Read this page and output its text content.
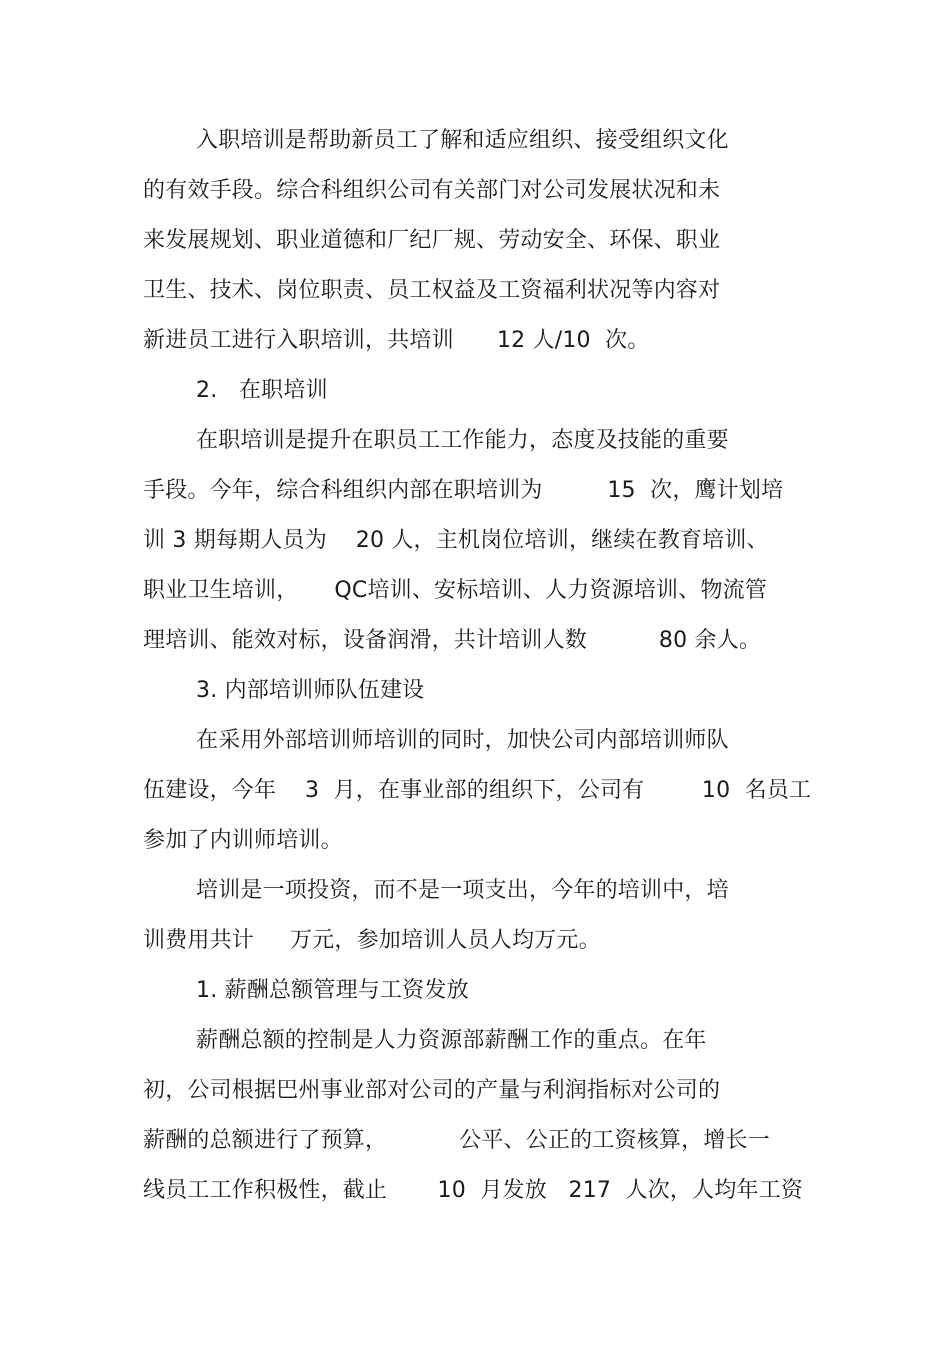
入职培训是帮助新员工了解和适应组织、接受组织文化
的有效手段。综合科组织公司有关部门对公司发展状况和未
来发展规划、职业道德和厂纪厂规、劳动安全、环保、职业
卫生、技术、岗位职责、员工权益及工资福利状况等内容对
新进员工进行入职培训，共培训      12 人/10  次。
2.   在职培训
在职培训是提升在职员工工作能力，态度及技能的重要
手段。今年，综合科组织内部在职培训为         15  次，鹰计划培
训 3 期每期人员为    20 人，主机岗位培训，继续在教育培训、
职业卫生培训，     QC培训、安标培训、人力资源培训、物流管
理培训、能效对标，设备润滑，共计培训人数          80 余人。
3. 内部培训师队伍建设
在采用外部培训师培训的同时，加快公司内部培训师队
伍建设，今年    3  月，在事业部的组织下，公司有        10  名员工
参加了内训师培训。
培训是一项投资，而不是一项支出，今年的培训中，培
训费用共计     万元，参加培训人员人均万元。
1. 薪酬总额管理与工资发放
薪酬总额的控制是人力资源部薪酬工作的重点。在年
初，公司根据巴州事业部对公司的产量与利润指标对公司的
薪酬的总额进行了预算，          公平、公正的工资核算，增长一
线员工工作积极性，截止       10  月发放   217  人次，人均年工资
